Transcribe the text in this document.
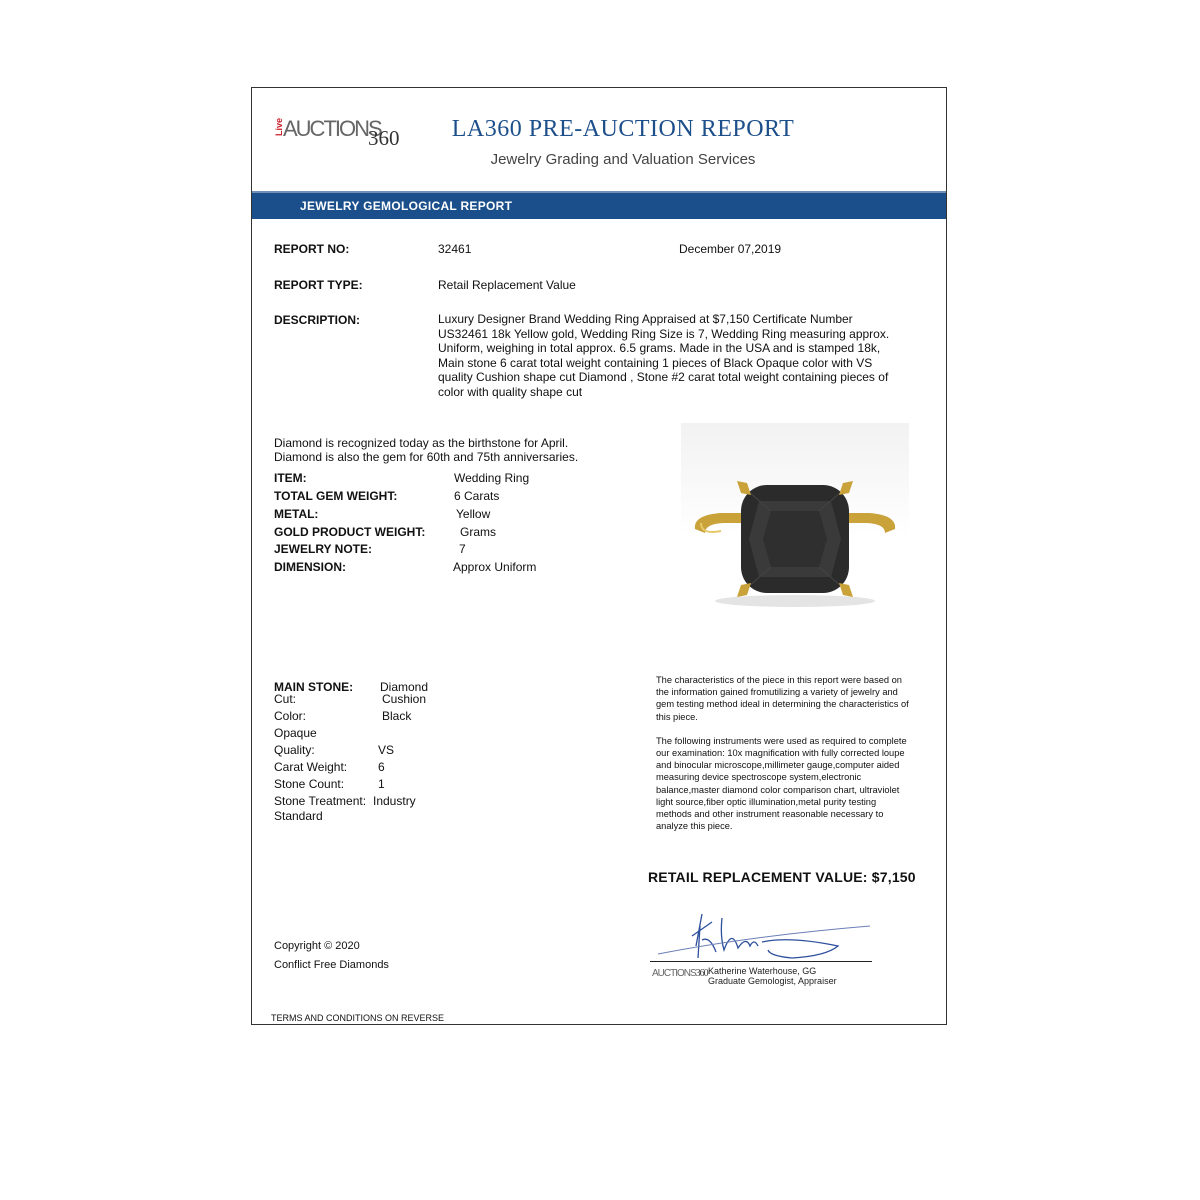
Live AUCTIONS
360	LA360 PRE-AUCTION REPORT
Jewelry Grading and Valuation Services
JEWELRY GEMOLOGICAL REPORT
REPORT NO:	32461	December 07,2019
REPORT TYPE:	Retail Replacement Value
DESCRIPTION:	Luxury Designer Brand Wedding Ring Appraised at $7,150 Certificate Number
US32461 18k Yellow gold, Wedding Ring Size is 7, Wedding Ring measuring approx.
Uniform, weighing in total approx. 6.5 grams. Made in the USA and is stamped 18k,
Main stone 6 carat total weight containing 1 pieces of Black Opaque color with VS
quality Cushion shape cut Diamond , Stone #2 carat total weight containing pieces of
color with quality shape cut
Diamond is recognized today as the birthstone for April.
Diamond is also the gem for 60th and 75th anniversaries.
ITEM:	Wedding Ring
TOTAL GEM WEIGHT:	6 Carats
METAL:	Yellow
GOLD PRODUCT WEIGHT:	Grams
JEWELRY NOTE:	7
DIMENSION:	Approx Uniform
MAIN STONE: Diamond
Cut:	Cushion
Color:	Black
Opaque
Quality:	VS
Carat Weight:	6
Stone Count:	1
Stone Treatment: Industry
Standard
The characteristics of the piece in this report were based on the information gained fromutilizing a variety of jewelry and gem testing method ideal in determining the characteristics of this piece.
The following instruments were used as required to complete our examination: 10x magnification with fully corrected loupe and binocular microscope,millimeter gauge,computer aided measuring device spectroscope system,electronic balance,master diamond color comparison chart, ultraviolet light source,fiber optic illumination,metal purity testing methods and other instrument reasonable necessary to analyze this piece.
RETAIL REPLACEMENT VALUE: $7,150
AUCTIONS360 Katherine Waterhouse, GG
Graduate Gemologist, Appraiser
Copyright © 2020
Conflict Free Diamonds
TERMS AND CONDITIONS ON REVERSE
